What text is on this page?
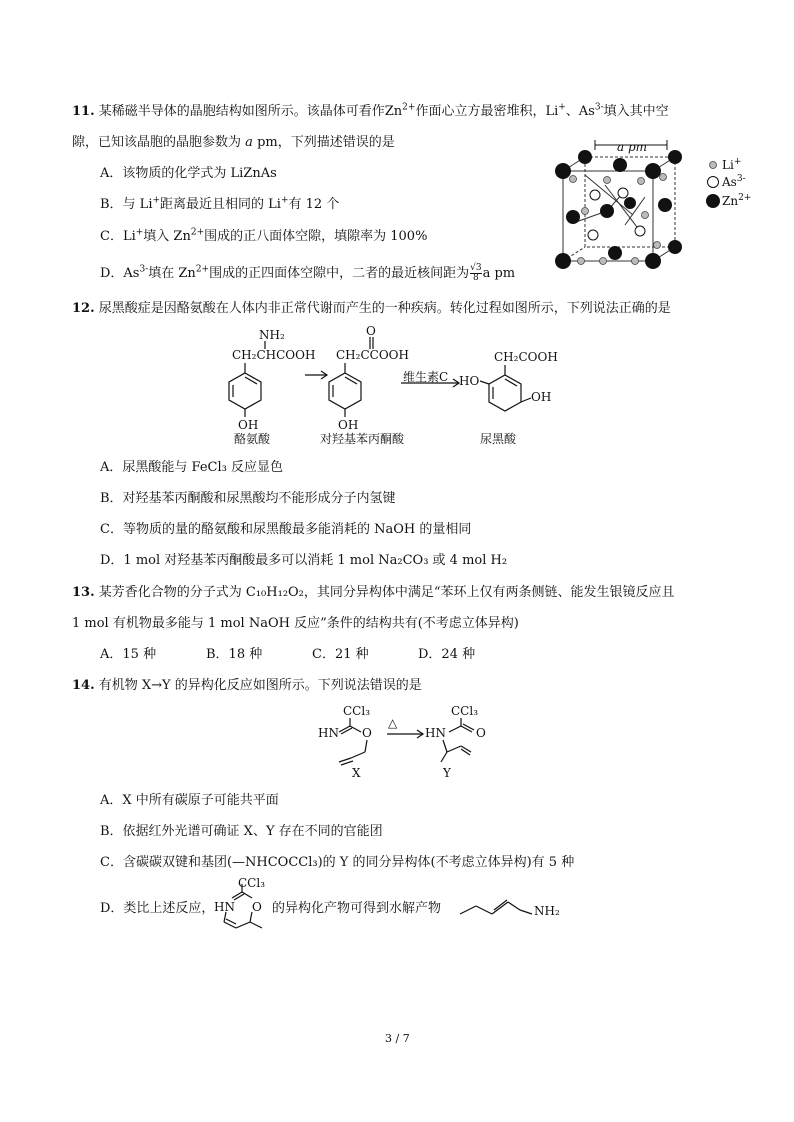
11. 某稀磁半导体的晶胞结构如图所示。该晶体可看作$Zn^{2+}$作面心立方最密堆积，Li+、$As^{3-}$填入其中空
隙，已知该晶胞的晶胞参数为 a pm，下列描述错误的是
A．该物质的化学式为 LiZnAs
B．与 Li+距离最近且相同的 Li+有 12 个
C．Li+填入 $Zn^{2+}$围成的正八面体空隙，填隙率为 100%
D．$As^{3-}$填在 $Zn^{2+}$围成的正四面体空隙中，二者的最近核间距为 $\frac{√3}{8}$ a pm
a pm
Li+
$As^{3-}$
$Zn^{2+}$
12. 尿黑酸症是因酪氨酸在人体内非正常代谢而产生的一种疾病。转化过程如图所示，下列说法正确的是
NH₂
CH₂CHCOOH
OH
酪氨酸
O
CH₂CCOOH
OH
对羟基苯丙酮酸
维生素C
CH₂COOH
HO
OH
尿黑酸
A．尿黑酸能与 FeCl₃ 反应显色
B．对羟基苯丙酮酸和尿黑酸均不能形成分子内氢键
C．等物质的量的酪氨酸和尿黑酸最多能消耗的 NaOH 的量相同
D．1 mol 对羟基苯丙酮酸最多可以消耗 1 mol Na₂CO₃ 或 4 mol H₂
13. 某芳香化合物的分子式为 C₁₀H₁₂O₂，其同分异构体中满足“苯环上仅有两条侧链、能发生银镜反应且
1 mol 有机物最多能与 1 mol NaOH 反应”条件的结构共有(不考虑立体异构)
A．15 种	B．18 种	C．21 种	D．24 种
14. 有机物 X→Y 的异构化反应如图所示。下列说法错误的是
CCl₃
HN O
△
CCl₃
HN	O
X	Y
A．X 中所有碳原子可能共平面
B．依据红外光谱可确证 X、Y 存在不同的官能团
C．含碳碳双键和基团(—NHCOCCl₃)的 Y 的同分异构体(不考虑立体异构)有 5 种
D．类比上述反应，
CCl₃
HN O 的异构化产物可得到水解产物	NH₂
3 / 7
